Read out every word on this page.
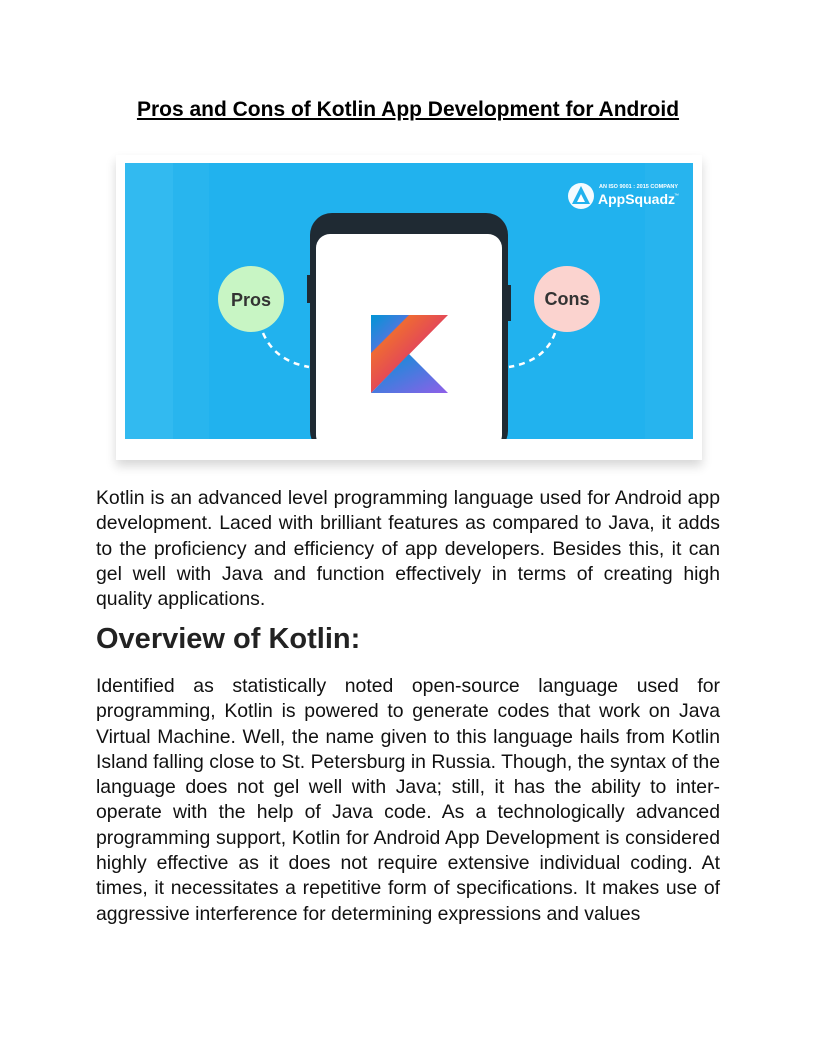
Pros and Cons of Kotlin App Development for Android
Pros	Cons
AN ISO 9001 : 2015 COMPANY
AppSquadz ™

Kotlin is an advanced level programming language used for Android app development. Laced with brilliant features as compared to Java, it adds to the proficiency and efficiency of app developers. Besides this, it can gel well with Java and function effectively in terms of creating high quality applications.

Overview of Kotlin:

Identified as statistically noted open-source language used for programming, Kotlin is powered to generate codes that work on Java Virtual Machine. Well, the name given to this language hails from Kotlin Island falling close to St. Petersburg in Russia. Though, the syntax of the language does not gel well with Java; still, it has the ability to inter-operate with the help of Java code. As a technologically advanced programming support, Kotlin for Android App Development is considered highly effective as it does not require extensive individual coding. At times, it necessitates a repetitive form of specifications. It makes use of aggressive interference for determining expressions and values
